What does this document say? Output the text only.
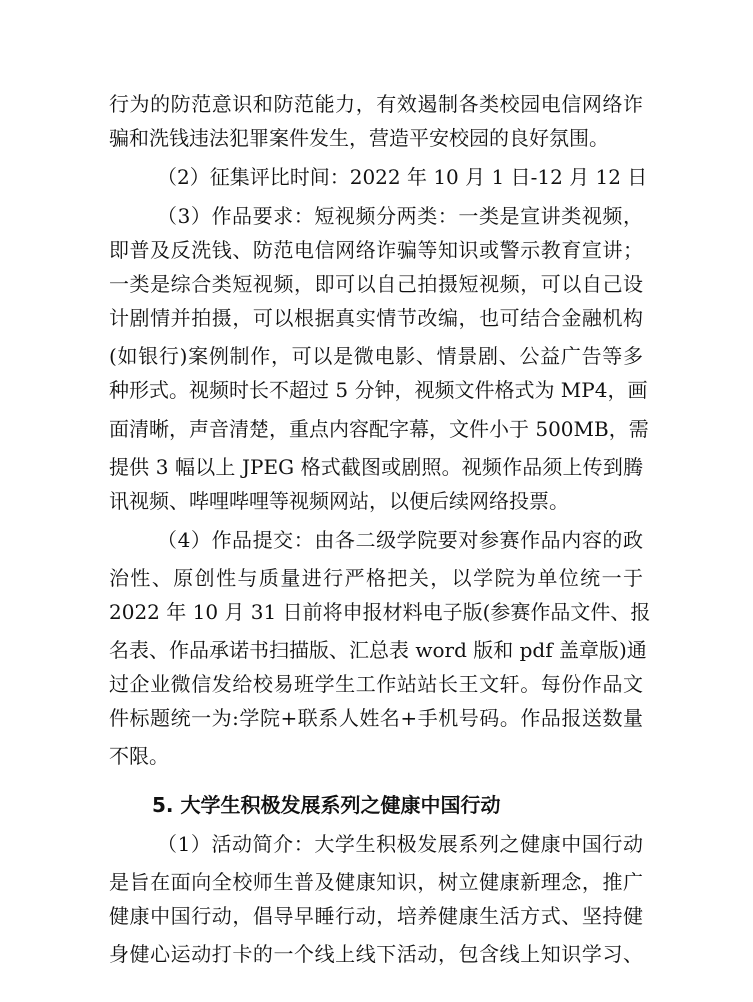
行为的防范意识和防范能力，有效遏制各类校园电信网络诈
骗和洗钱违法犯罪案件发生，营造平安校园的良好氛围。
（2）征集评比时间：2022 年 10 月 1 日-12 月 12 日
（3）作品要求：短视频分两类：一类是宣讲类视频，
即普及反洗钱、防范电信网络诈骗等知识或警示教育宣讲；
一类是综合类短视频，即可以自己拍摄短视频，可以自己设
计剧情并拍摄，可以根据真实情节改编，也可结合金融机构
(如银行)案例制作，可以是微电影、情景剧、公益广告等多
种形式。视频时长不超过 5 分钟，视频文件格式为 MP4，画
面清晰，声音清楚，重点内容配字幕，文件小于 500MB，需
提供 3 幅以上 JPEG 格式截图或剧照。视频作品须上传到腾
讯视频、哔哩哔哩等视频网站，以便后续网络投票。
（4）作品提交：由各二级学院要对参赛作品内容的政
治性、原创性与质量进行严格把关，以学院为单位统一于
2022 年 10 月 31 日前将申报材料电子版(参赛作品文件、报
名表、作品承诺书扫描版、汇总表 word 版和 pdf 盖章版)通
过企业微信发给校易班学生工作站站长王文轩。每份作品文
件标题统一为:学院+联系人姓名+手机号码。作品报送数量
不限。
5. 大学生积极发展系列之健康中国行动
（1）活动简介：大学生积极发展系列之健康中国行动
是旨在面向全校师生普及健康知识，树立健康新理念，推广
健康中国行动，倡导早睡行动，培养健康生活方式、坚持健
身健心运动打卡的一个线上线下活动，包含线上知识学习、
